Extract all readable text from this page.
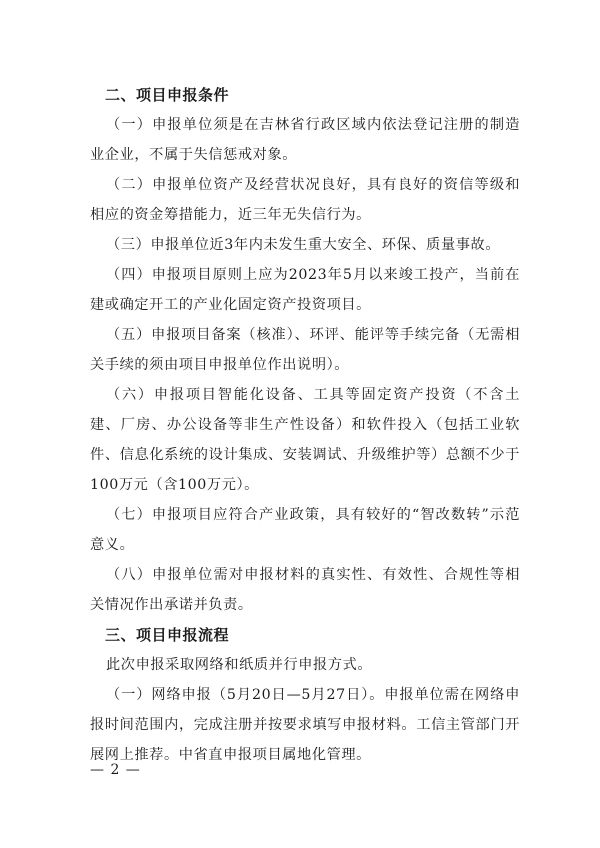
二、项目申报条件

（一）申报单位须是在吉林省行政区域内依法登记注册的制造业企业，不属于失信惩戒对象。

（二）申报单位资产及经营状况良好，具有良好的资信等级和相应的资金筹措能力，近三年无失信行为。

（三）申报单位近3年内未发生重大安全、环保、质量事故。

（四）申报项目原则上应为2023年5月以来竣工投产，当前在建或确定开工的产业化固定资产投资项目。

（五）申报项目备案（核准）、环评、能评等手续完备（无需相关手续的须由项目申报单位作出说明）。

（六）申报项目智能化设备、工具等固定资产投资（不含土建、厂房、办公设备等非生产性设备）和软件投入（包括工业软件、信息化系统的设计集成、安装调试、升级维护等）总额不少于100万元（含100万元）。

（七）申报项目应符合产业政策，具有较好的“智改数转”示范意义。

（八）申报单位需对申报材料的真实性、有效性、合规性等相关情况作出承诺并负责。

三、项目申报流程

此次申报采取网络和纸质并行申报方式。

（一）网络申报（5月20日—5月27日）。申报单位需在网络申报时间范围内，完成注册并按要求填写申报材料。工信主管部门开展网上推荐。中省直申报项目属地化管理。

— 2 —
